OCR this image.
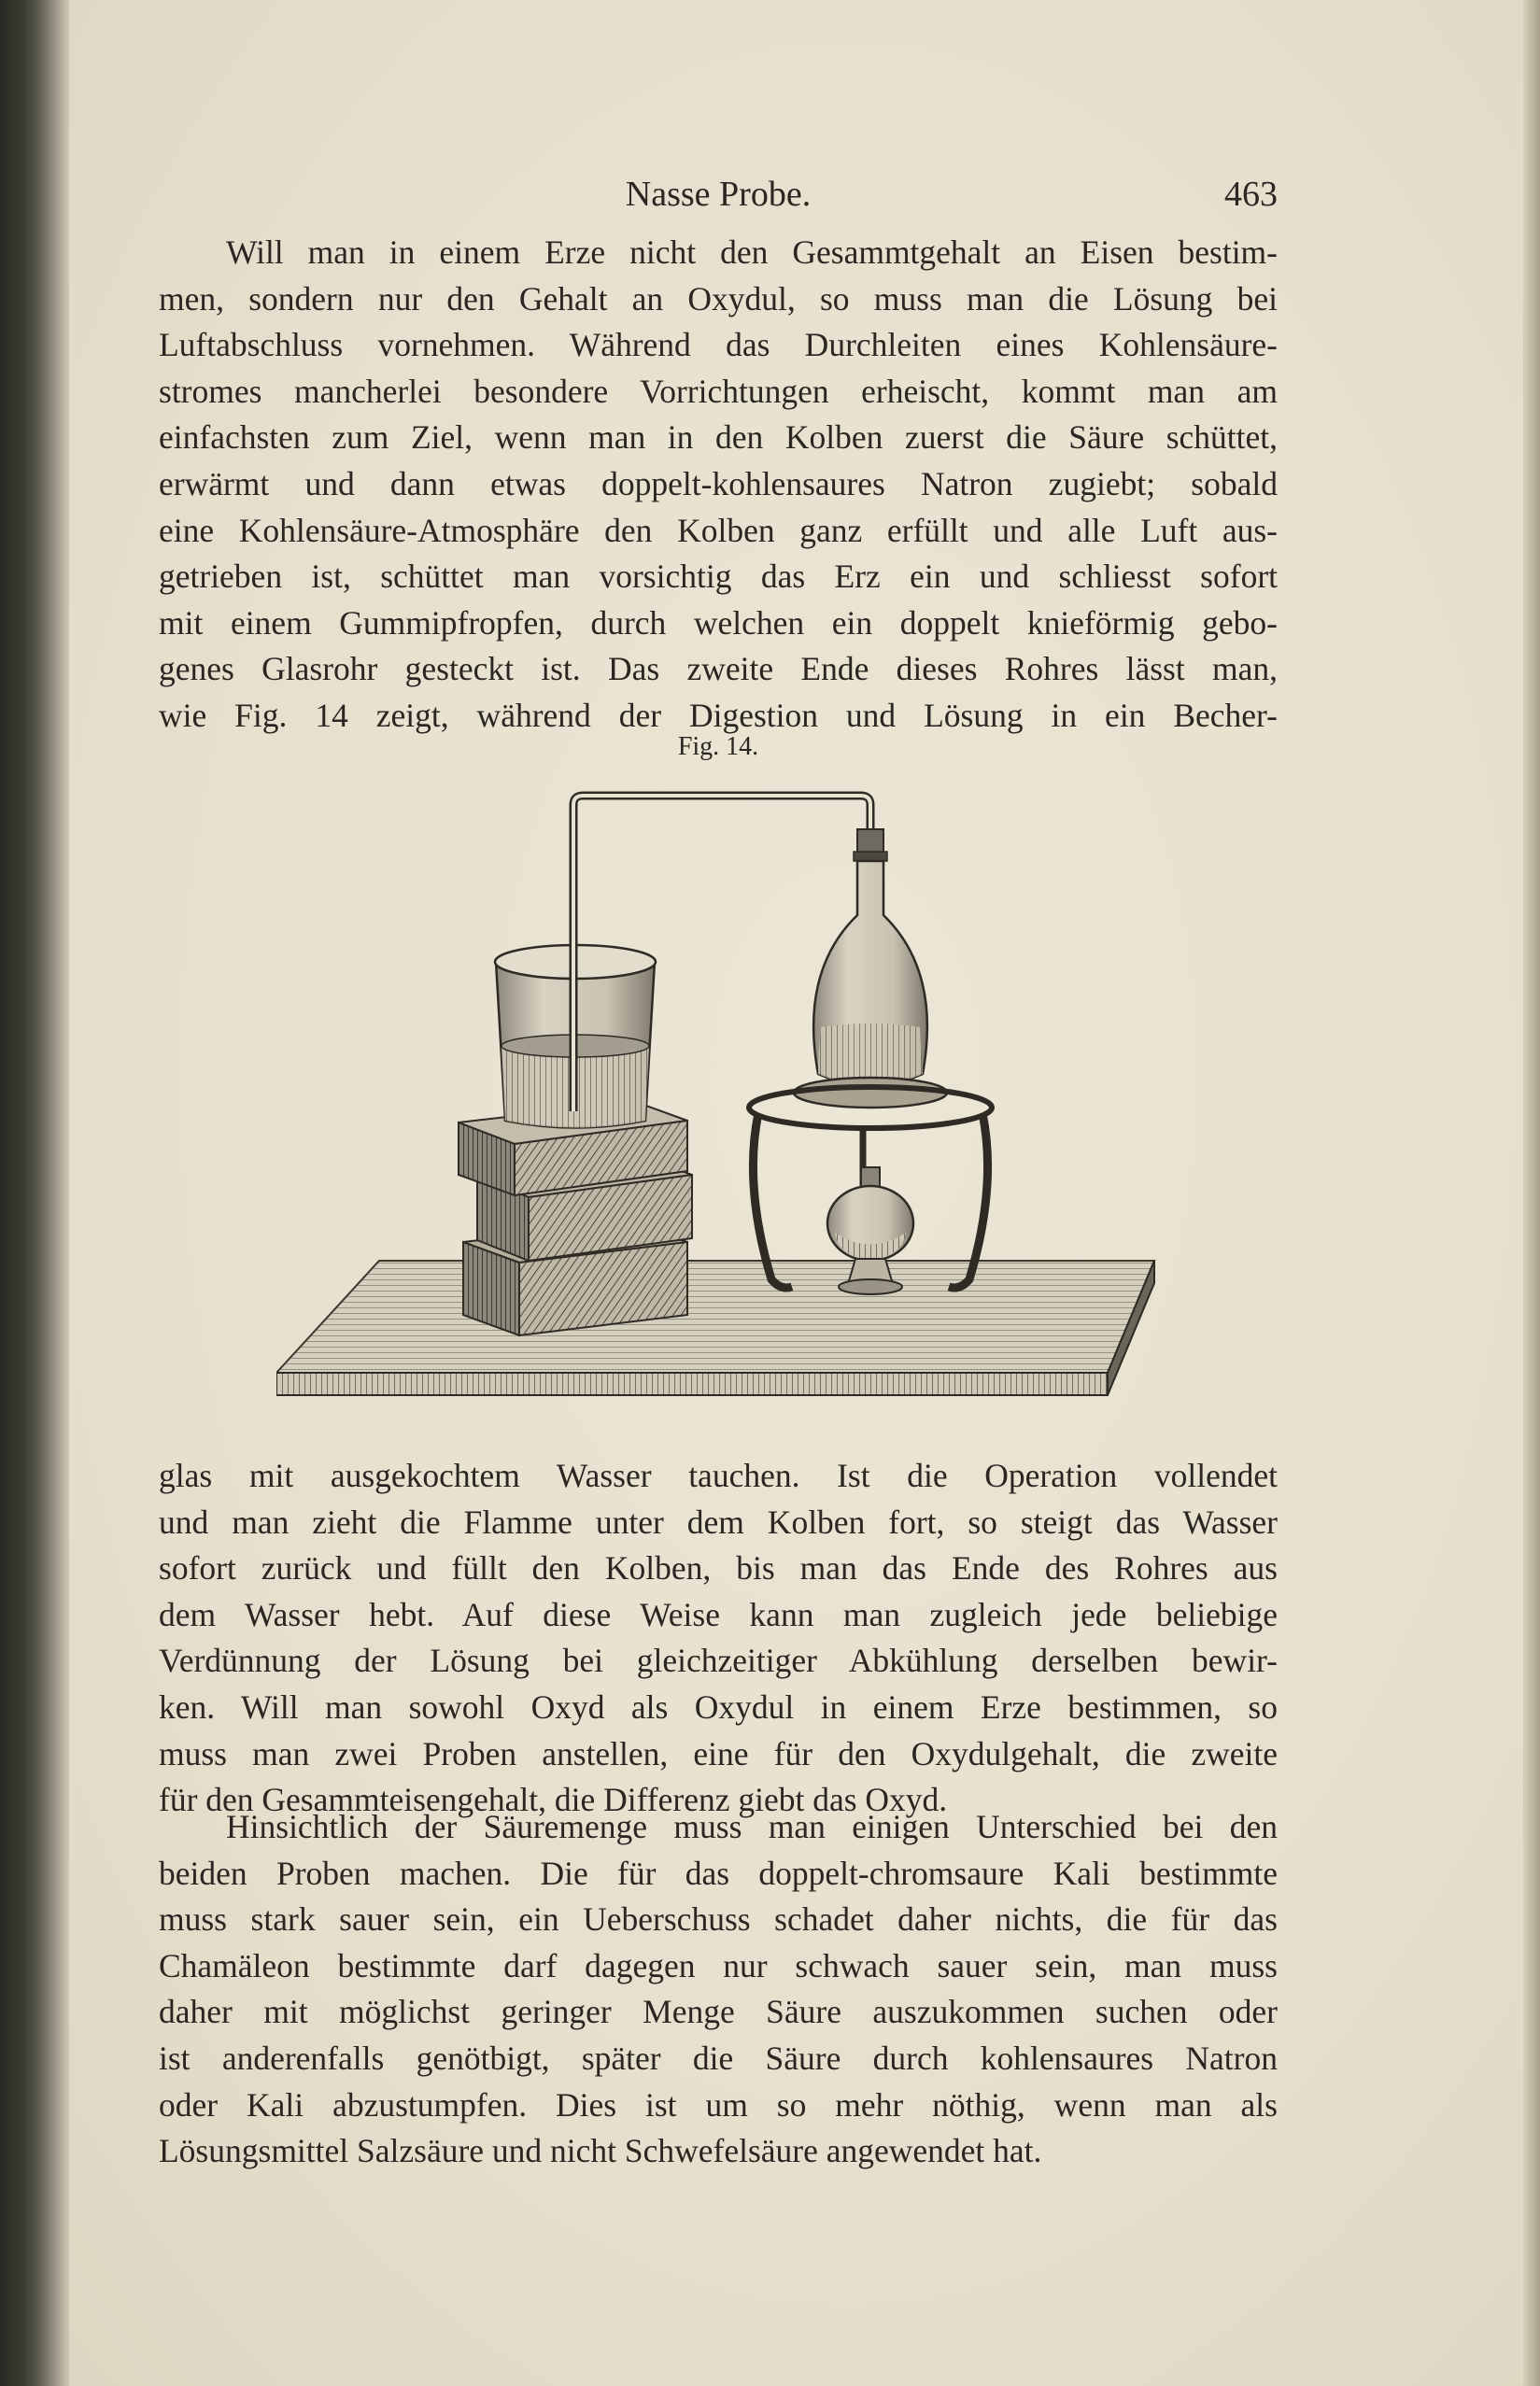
Nasse Probe.	463
Will man in einem Erze nicht den Gesammtgehalt an Eisen bestim-
men, sondern nur den Gehalt an Oxydul, so muss man die Lösung bei
Luftabschluss vornehmen. Während das Durchleiten eines Kohlensäure-
stromes mancherlei besondere Vorrichtungen erheischt, kommt man am
einfachsten zum Ziel, wenn man in den Kolben zuerst die Säure schüttet,
erwärmt und dann etwas doppelt-kohlensaures Natron zugiebt; sobald
eine Kohlensäure-Atmosphäre den Kolben ganz erfüllt und alle Luft aus-
getrieben ist, schüttet man vorsichtig das Erz ein und schliesst sofort
mit einem Gummipfropfen, durch welchen ein doppelt knieförmig gebo-
genes Glasrohr gesteckt ist. Das zweite Ende dieses Rohres lässt man,
wie Fig. 14 zeigt, während der Digestion und Lösung in ein Becher-
Fig. 14.
glas mit ausgekochtem Wasser tauchen. Ist die Operation vollendet
und man zieht die Flamme unter dem Kolben fort, so steigt das Wasser
sofort zurück und füllt den Kolben, bis man das Ende des Rohres aus
dem Wasser hebt. Auf diese Weise kann man zugleich jede beliebige
Verdünnung der Lösung bei gleichzeitiger Abkühlung derselben bewir-
ken. Will man sowohl Oxyd als Oxydul in einem Erze bestimmen, so
muss man zwei Proben anstellen, eine für den Oxydulgehalt, die zweite
für den Gesammteisengehalt, die Differenz giebt das Oxyd.
Hinsichtlich der Säuremenge muss man einigen Unterschied bei den
beiden Proben machen. Die für das doppelt-chromsaure Kali bestimmte
muss stark sauer sein, ein Ueberschuss schadet daher nichts, die für das
Chamäleon bestimmte darf dagegen nur schwach sauer sein, man muss
daher mit möglichst geringer Menge Säure auszukommen suchen oder
ist anderenfalls genötbigt, später die Säure durch kohlensaures Natron
oder Kali abzustumpfen. Dies ist um so mehr nöthig, wenn man als
Lösungsmittel Salzsäure und nicht Schwefelsäure angewendet hat.
